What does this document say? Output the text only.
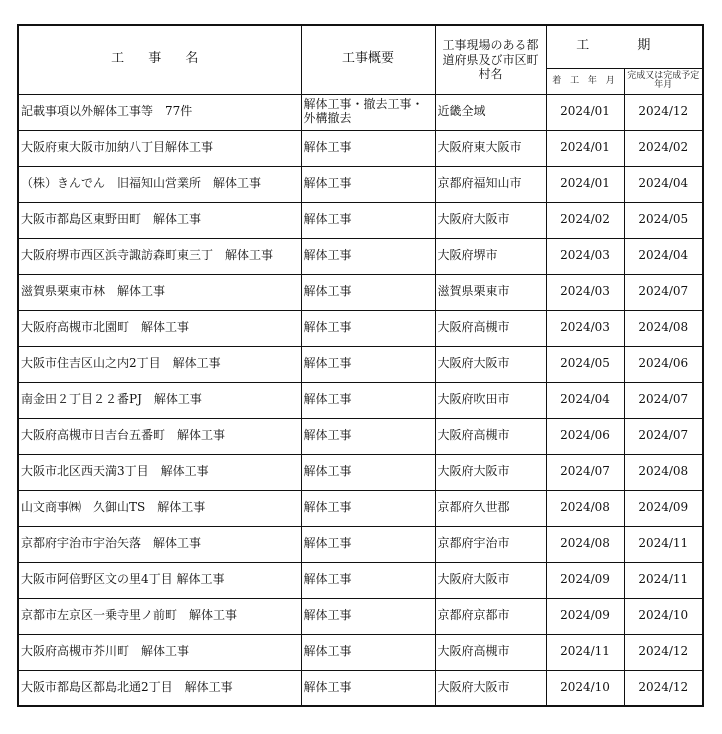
工 事 名	工事概要	工事現場のある都道府県及び市区町村名	工 期	
			着 工 年 月	完成又は完成予定年月
記載事項以外解体工事等　77件	解体工事・撤去工事・外構撤去	近畿全域	2024/01	2024/12
大阪府東大阪市加納八丁目解体工事	解体工事	大阪府東大阪市	2024/01	2024/02
（株）きんでん　旧福知山営業所　解体工事	解体工事	京都府福知山市	2024/01	2024/04
大阪市都島区東野田町　解体工事	解体工事	大阪府大阪市	2024/02	2024/05
大阪府堺市西区浜寺諏訪森町東三丁　解体工事	解体工事	大阪府堺市	2024/03	2024/04
滋賀県栗東市林　解体工事	解体工事	滋賀県栗東市	2024/03	2024/07
大阪府高槻市北園町　解体工事	解体工事	大阪府高槻市	2024/03	2024/08
大阪市住吉区山之内2丁目　解体工事	解体工事	大阪府大阪市	2024/05	2024/06
南金田２丁目２２番PJ　解体工事	解体工事	大阪府吹田市	2024/04	2024/07
大阪府高槻市日吉台五番町　解体工事	解体工事	大阪府高槻市	2024/06	2024/07
大阪市北区西天満3丁目　解体工事	解体工事	大阪府大阪市	2024/07	2024/08
山文商事㈱　久御山TS　解体工事	解体工事	京都府久世郡	2024/08	2024/09
京都府宇治市宇治矢落　解体工事	解体工事	京都府宇治市	2024/08	2024/11
大阪市阿倍野区文の里4丁目 解体工事	解体工事	大阪府大阪市	2024/09	2024/11
京都市左京区一乗寺里ノ前町　解体工事	解体工事	京都府京都市	2024/09	2024/10
大阪府高槻市芥川町　解体工事	解体工事	大阪府高槻市	2024/11	2024/12
大阪市都島区都島北通2丁目　解体工事	解体工事	大阪府大阪市	2024/10	2024/12
